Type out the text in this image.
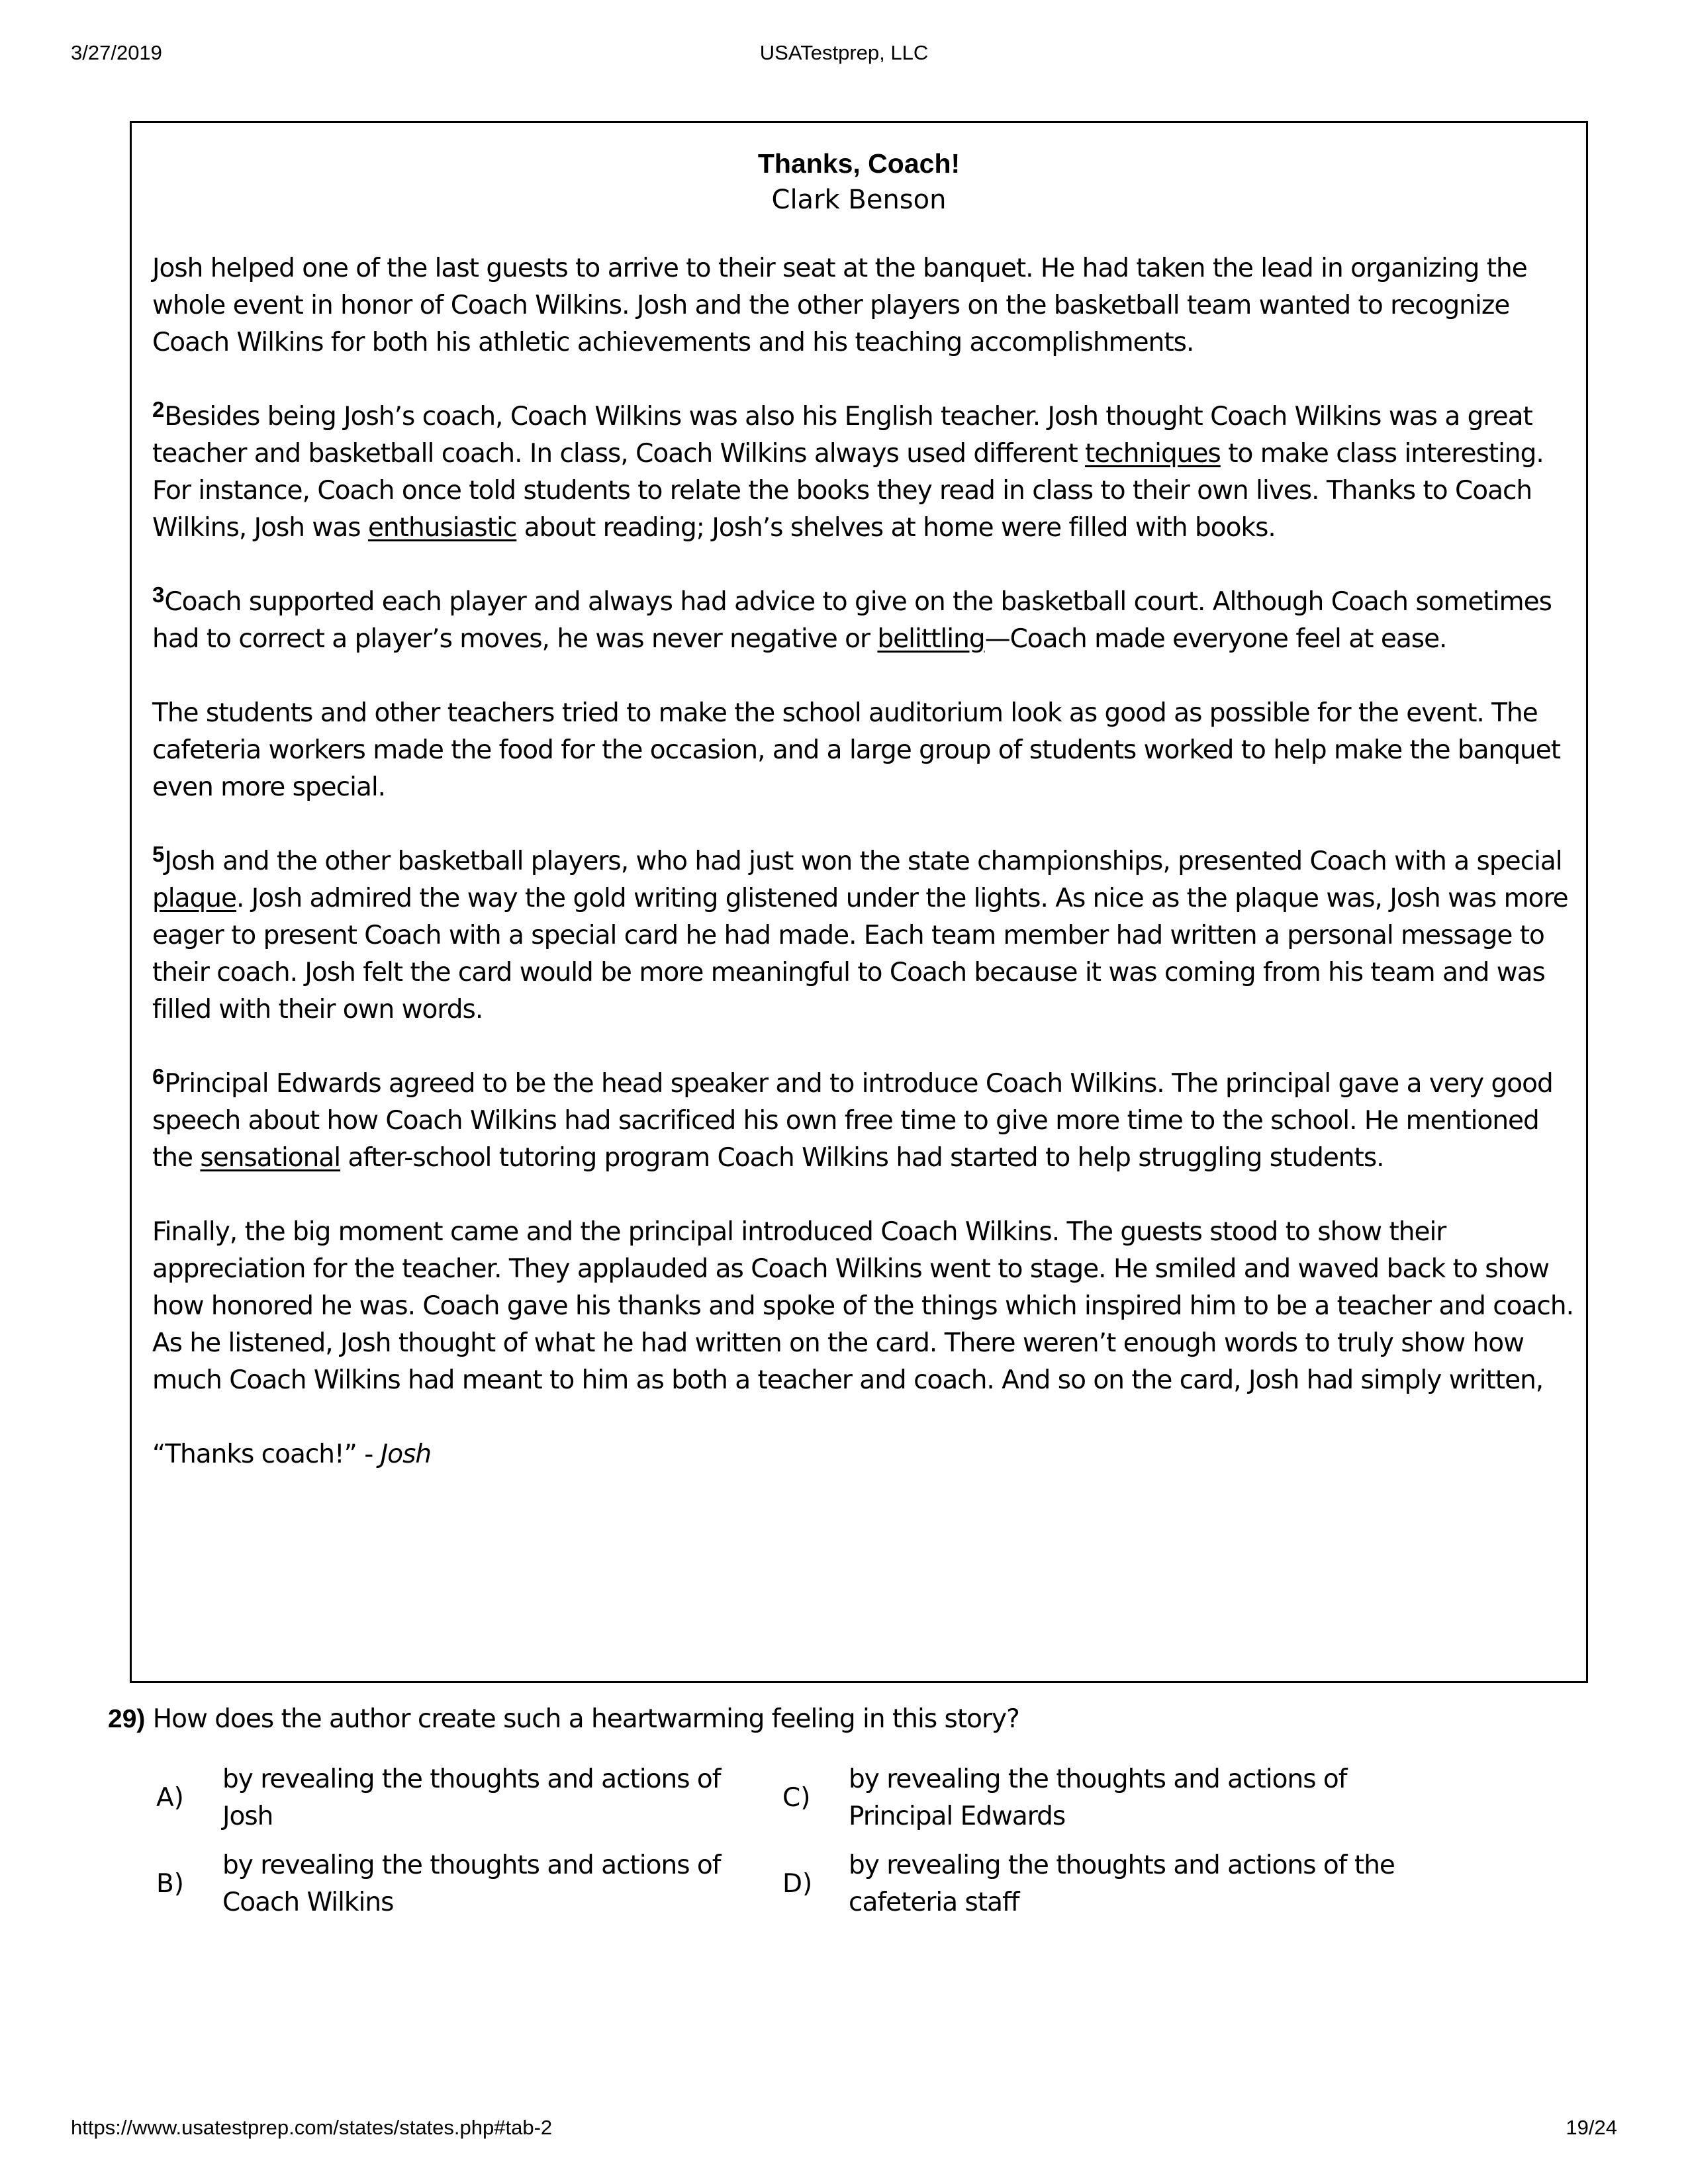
3/27/2019	USATestprep, LLC
Thanks, Coach!
Clark Benson

Josh helped one of the last guests to arrive to their seat at the banquet. He had taken the lead in organizing the whole event in honor of Coach Wilkins. Josh and the other players on the basketball team wanted to recognize Coach Wilkins for both his athletic achievements and his teaching accomplishments.

$^2$Besides being Josh’s coach, Coach Wilkins was also his English teacher. Josh thought Coach Wilkins was a great teacher and basketball coach. In class, Coach Wilkins always used different techniques to make class interesting. For instance, Coach once told students to relate the books they read in class to their own lives. Thanks to Coach Wilkins, Josh was enthusiastic about reading; Josh’s shelves at home were filled with books.

$^3$Coach supported each player and always had advice to give on the basketball court. Although Coach sometimes had to correct a player’s moves, he was never negative or belittling—Coach made everyone feel at ease.

The students and other teachers tried to make the school auditorium look as good as possible for the event. The cafeteria workers made the food for the occasion, and a large group of students worked to help make the banquet even more special.

$^5$Josh and the other basketball players, who had just won the state championships, presented Coach with a special plaque. Josh admired the way the gold writing glistened under the lights. As nice as the plaque was, Josh was more eager to present Coach with a special card he had made. Each team member had written a personal message to their coach. Josh felt the card would be more meaningful to Coach because it was coming from his team and was filled with their own words.

$^6$Principal Edwards agreed to be the head speaker and to introduce Coach Wilkins. The principal gave a very good speech about how Coach Wilkins had sacrificed his own free time to give more time to the school. He mentioned the sensational after-school tutoring program Coach Wilkins had started to help struggling students.

Finally, the big moment came and the principal introduced Coach Wilkins. The guests stood to show their appreciation for the teacher. They applauded as Coach Wilkins went to stage. He smiled and waved back to show how honored he was. Coach gave his thanks and spoke of the things which inspired him to be a teacher and coach. As he listened, Josh thought of what he had written on the card. There weren’t enough words to truly show how much Coach Wilkins had meant to him as both a teacher and coach. And so on the card, Josh had simply written,

“Thanks coach!” - Josh

29) How does the author create such a heartwarming feeling in this story?
A)
by revealing the thoughts and actions of Josh
B)
by revealing the thoughts and actions of Coach Wilkins
C)
by revealing the thoughts and actions of Principal Edwards
D)
by revealing the thoughts and actions of the cafeteria staff
https://www.usatestprep.com/states/states.php#tab-2	19/24
